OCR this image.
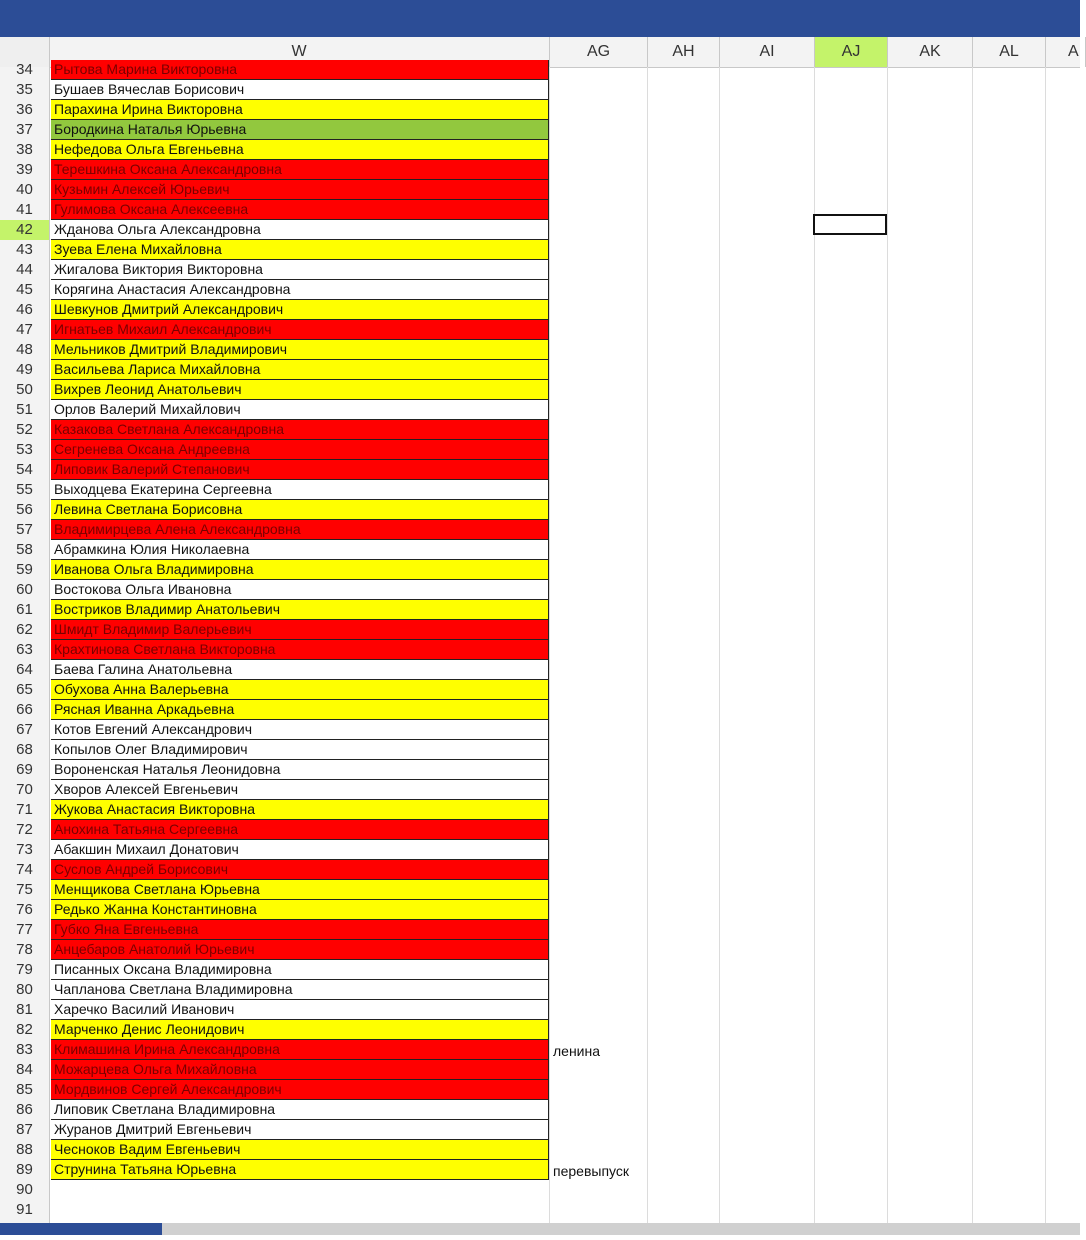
W	AG	AH	AI	AJ	AK	AL	A
34	Рытова Марина Викторовна
35	Бушаев Вячеслав Борисович
36	Парахина Ирина Викторовна
37	Бородкина Наталья Юрьевна
38	Нефедова Ольга Евгеньевна
39	Терешкина Оксана Александровна
40	Кузьмин Алексей Юрьевич
41	Гулимова Оксана Алексеевна
42	Жданова Ольга Александровна
43	Зуева Елена Михайловна
44	Жигалова Виктория Викторовна
45	Корягина Анастасия Александровна
46	Шевкунов Дмитрий Александрович
47	Игнатьев Михаил Александрович
48	Мельников Дмитрий Владимирович
49	Васильева Лариса Михайловна
50	Вихрев Леонид Анатольевич
51	Орлов Валерий Михайлович
52	Казакова Светлана Александровна
53	Сегренева Оксана Андреевна
54	Липовик Валерий Степанович
55	Выходцева Екатерина Сергеевна
56	Левина Светлана Борисовна
57	Владимирцева Алена Александровна
58	Абрамкина Юлия Николаевна
59	Иванова Ольга Владимировна
60	Востокова Ольга Ивановна
61	Востриков Владимир Анатольевич
62	Шмидт Владимир Валерьевич
63	Крахтинова Светлана Викторовна
64	Баева Галина Анатольевна
65	Обухова Анна Валерьевна
66	Рясная Иванна Аркадьевна
67	Котов Евгений Александрович
68	Копылов Олег Владимирович
69	Вороненская Наталья Леонидовна
70	Хворов Алексей Евгеньевич
71	Жукова Анастасия Викторовна
72	Анохина Татьяна Сергеевна
73	Абакшин Михаил Донатович
74	Суслов Андрей Борисович
75	Менщикова Светлана Юрьевна
76	Редько Жанна Константиновна
77	Губко Яна Евгеньевна
78	Анцебаров Анатолий Юрьевич
79	Писанных Оксана Владимировна
80	Чапланова Светлана Владимировна
81	Харечко Василий Иванович
82	Марченко Денис Леонидович
83	Климашина Ирина Александровна	ленина
84	Можарцева Ольга Михайловна
85	Мордвинов Сергей Александрович
86	Липовик Светлана Владимировна
87	Журанов Дмитрий Евгеньевич
88	Чесноков Вадим Евгеньевич
89	Струнина Татьяна Юрьевна	перевыпуск
90
91
